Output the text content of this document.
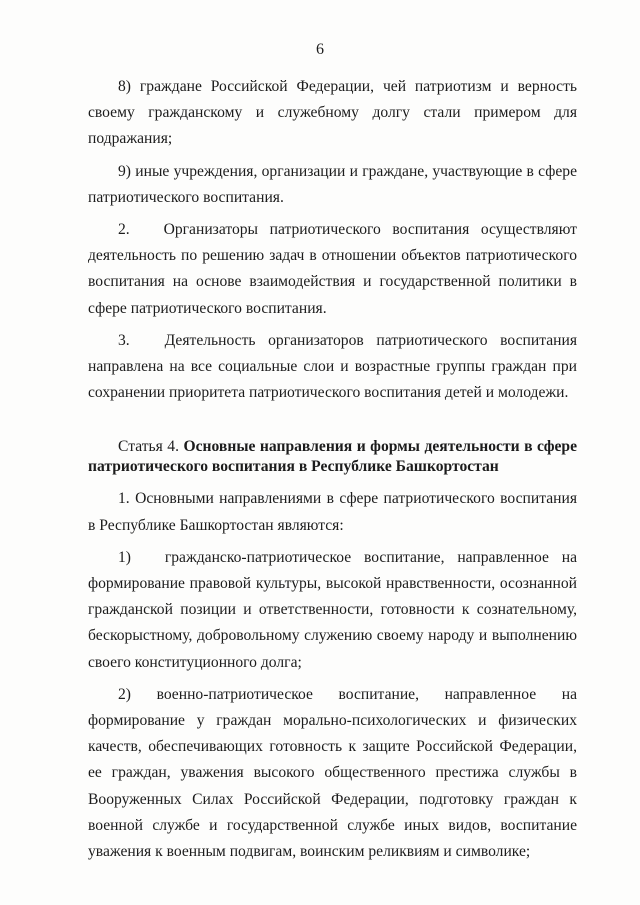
6

8) граждане Российской Федерации, чей патриотизм и верность своему гражданскому и служебному долгу стали примером для подражания;

9) иные учреждения, организации и граждане, участвующие в сфере патриотического воспитания.

2. Организаторы патриотического воспитания осуществляют деятельность по решению задач в отношении объектов патриотического воспитания на основе взаимодействия и государственной политики в сфере патриотического воспитания.

3. Деятельность организаторов патриотического воспитания направлена на все социальные слои и возрастные группы граждан при сохранении приоритета патриотического воспитания детей и молодежи.

Статья 4. Основные направления и формы деятельности в сфере патриотического воспитания в Республике Башкортостан

1. Основными направлениями в сфере патриотического воспитания в Республике Башкортостан являются:

1) гражданско-патриотическое воспитание, направленное на формирование правовой культуры, высокой нравственности, осознанной гражданской позиции и ответственности, готовности к сознательному, бескорыстному, добровольному служению своему народу и выполнению своего конституционного долга;

2) военно-патриотическое воспитание, направленное на формирование у граждан морально-психологических и физических качеств, обеспечивающих готовность к защите Российской Федерации, ее граждан, уважения высокого общественного престижа службы в Вооруженных Силах Российской Федерации, подготовку граждан к военной службе и государственной службе иных видов, воспитание уважения к военным подвигам, воинским реликвиям и символике;
